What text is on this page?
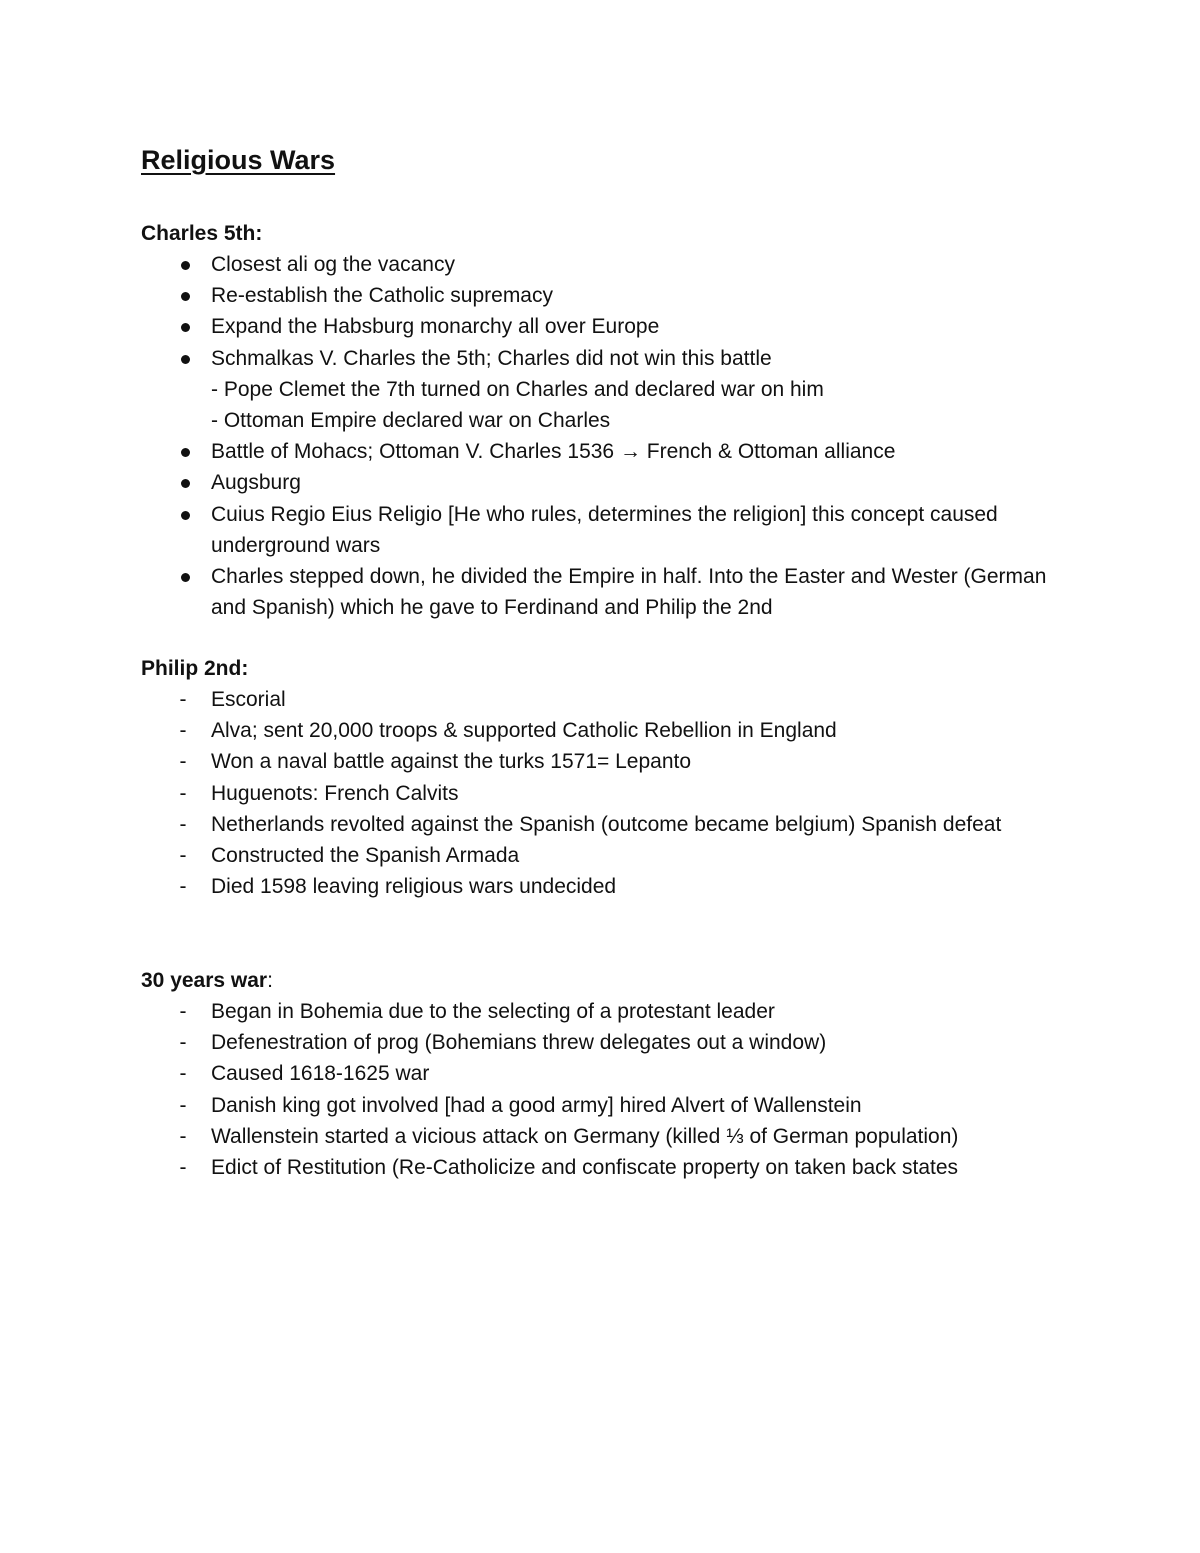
Religious Wars
Charles 5th:
Closest ali og the vacancy
Re-establish the Catholic supremacy
Expand the Habsburg monarchy all over Europe
Schmalkas V. Charles the 5th; Charles did not win this battle
- Pope Clemet the 7th turned on Charles and declared war on him
- Ottoman Empire declared war on Charles
Battle of Mohacs; Ottoman V. Charles 1536 → French & Ottoman alliance
Augsburg
Cuius Regio Eius Religio [He who rules, determines the religion] this concept caused underground wars
Charles stepped down, he divided the Empire in half. Into the Easter and Wester (German and Spanish) which he gave to Ferdinand and Philip the 2nd
Philip 2nd:
-	Escorial
-	Alva; sent 20,000 troops & supported Catholic Rebellion in England
-	Won a naval battle against the turks 1571= Lepanto
-	Huguenots: French Calvits
-	Netherlands revolted against the Spanish (outcome became belgium) Spanish defeat
-	Constructed the Spanish Armada
-	Died 1598 leaving religious wars undecided
30 years war:
-	Began in Bohemia due to the selecting of a protestant leader
-	Defenestration of prog (Bohemians threw delegates out a window)
-	Caused 1618-1625 war
-	Danish king got involved [had a good army] hired Alvert of Wallenstein
-	Wallenstein started a vicious attack on Germany (killed ⅓ of German population)
-	Edict of Restitution (Re-Catholicize and confiscate property on taken back states
